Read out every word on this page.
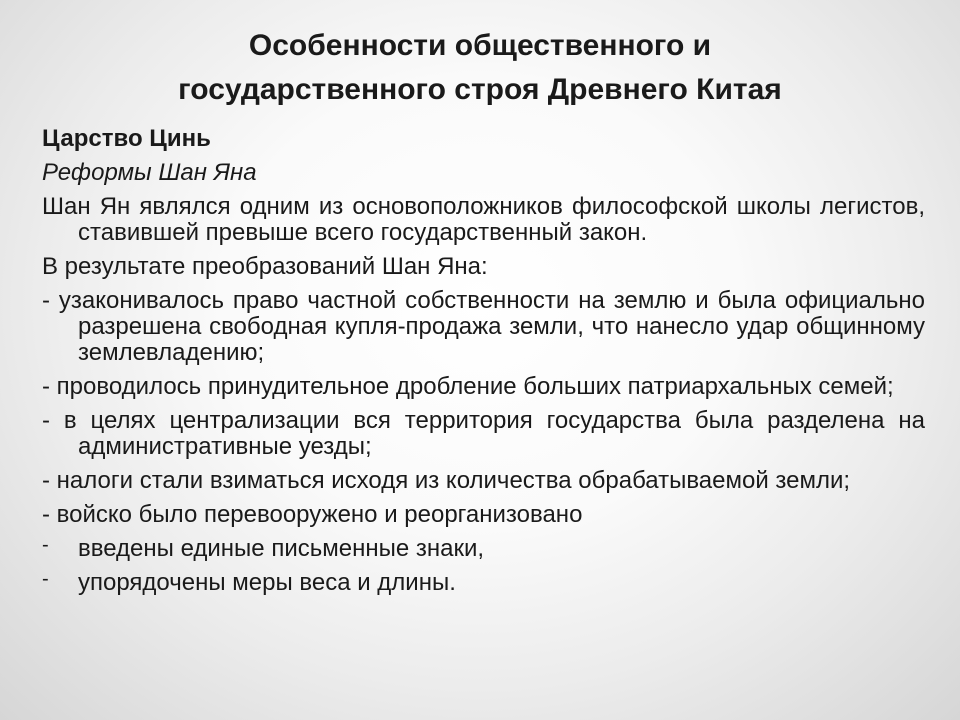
Особенности общественного и
государственного строя Древнего Китая
Царство Цинь
Реформы Шан Яна
Шан Ян являлся одним из основоположников философской школы легистов, ставившей превыше всего государственный закон.
В результате преобразований Шан Яна:
- узаконивалось право частной собственности на землю и была официально разрешена свободная купля-продажа земли, что нанесло удар общинному землевладению;
- проводилось принудительное дробление больших патриархальных семей;
- в целях централизации вся территория государства была разделена на административные уезды;
- налоги стали взиматься исходя из количества обрабатываемой земли;
- войско было перевооружено и реорганизовано
- введены единые письменные знаки,
- упорядочены меры веса и длины.
